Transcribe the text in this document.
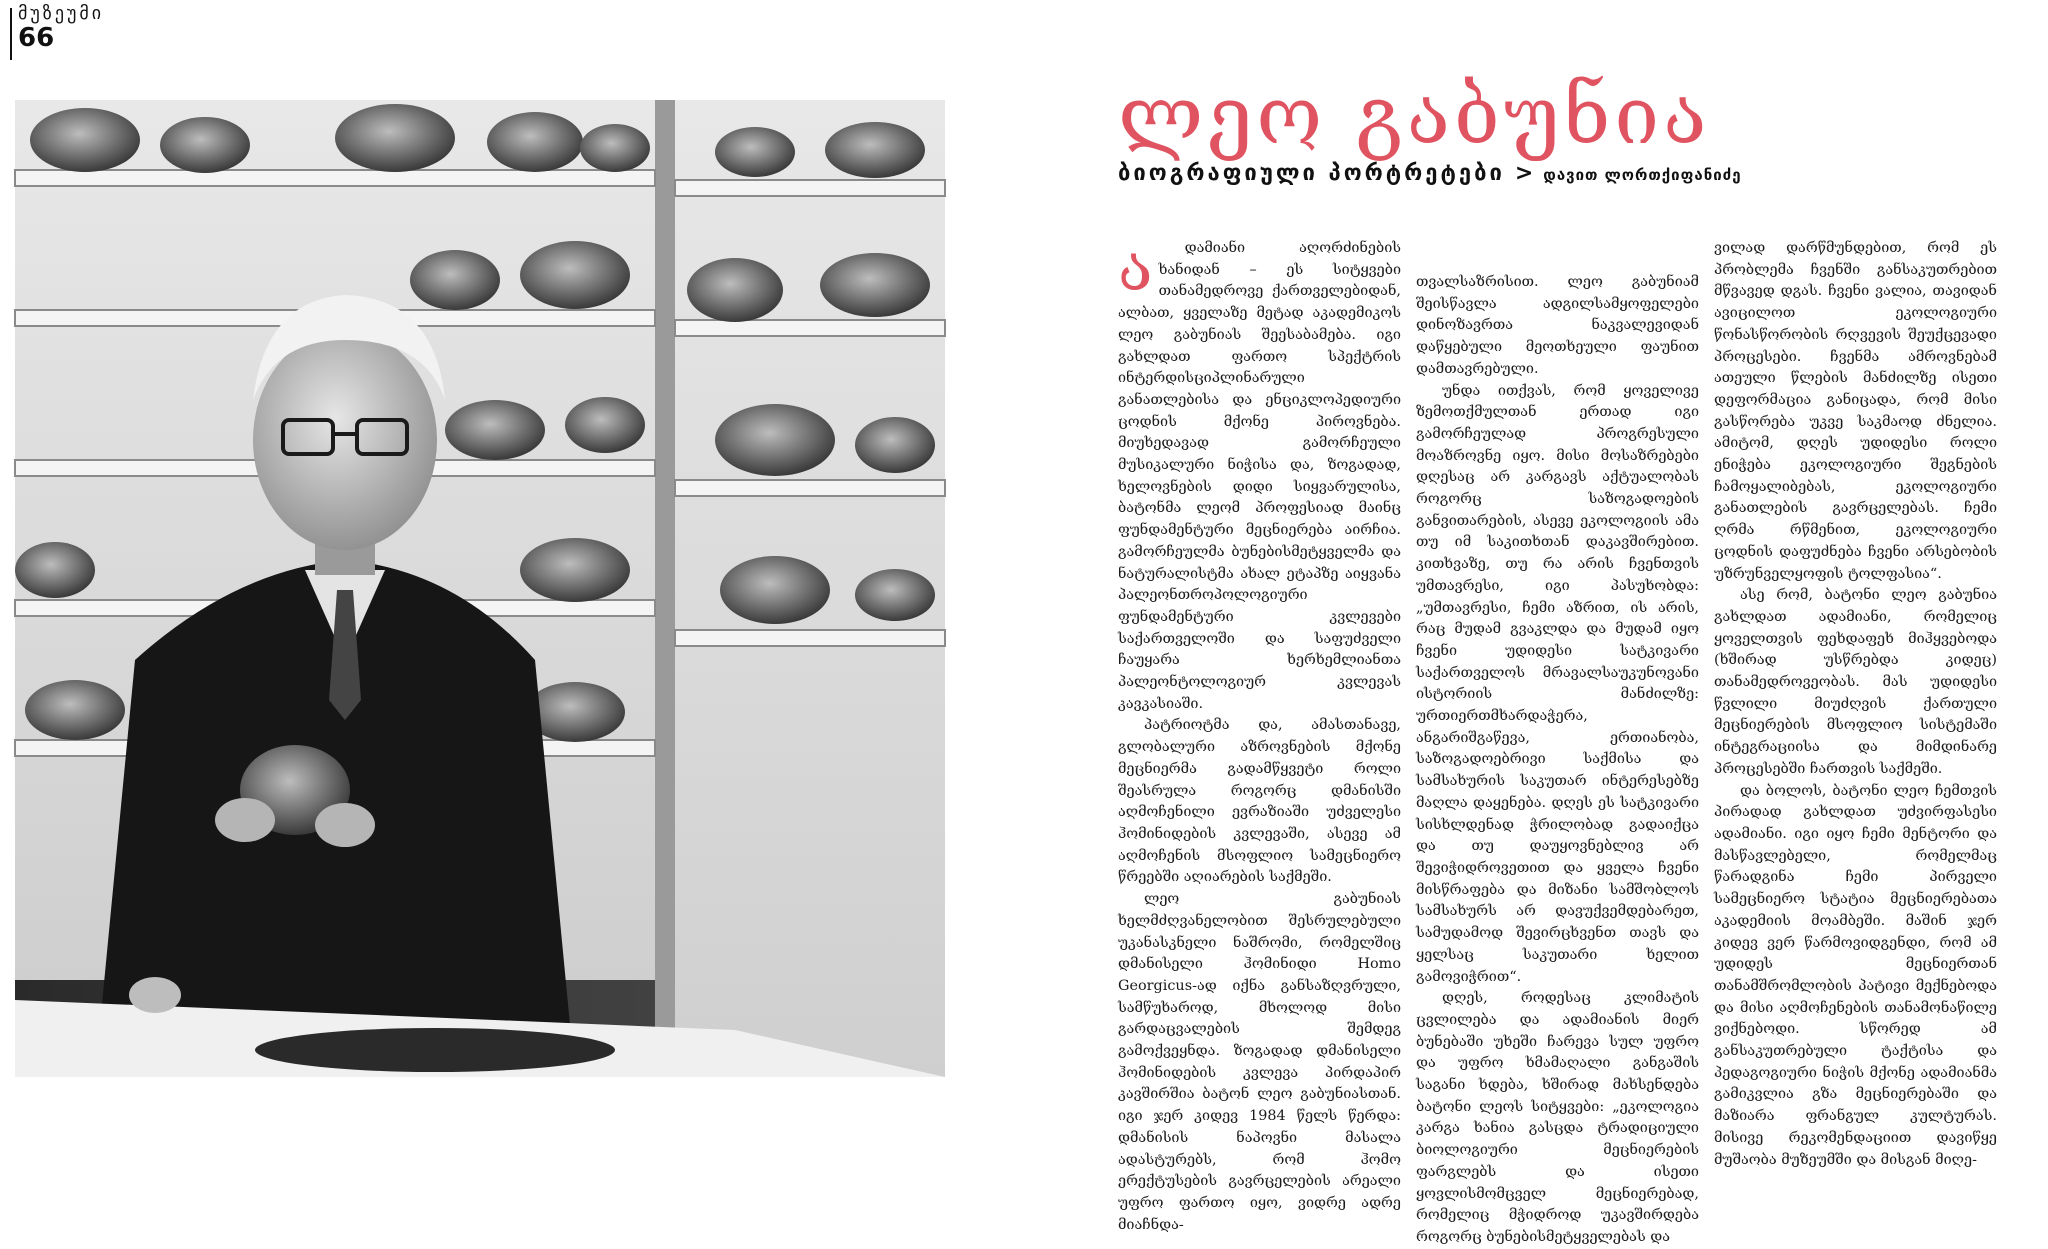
მუზეუმი
66
ლეო გაბუნია
ბიოგრაფიული პორტრეტები > დავით ლორთქიფანიძე
ა	დამიანი აღორძინების ხანიდან – ეს სიტყვები თანამედროვე ქართველებიდან, ალბათ, ყველაზე მეტად აკადემიკოს ლეო გაბუნიას შეესაბამება. იგი გახლდათ ფართო სპექტრის ინტერდისციპლინარული განათლებისა და ენციკლოპედიური ცოდნის მქონე პიროვნება. მიუხედავად გამორჩეული მუსიკალური ნიჭისა და, ზოგადად, ხელოვნების დიდი სიყვარულისა, ბატონმა ლეომ პროფესიად მაინც ფუნდამენტური მეცნიერება აირჩია. გამორჩეულმა ბუნებისმეტყველმა და ნატურალისტმა ახალ ეტაპზე აიყვანა პალეონთროპოლოგიური ფუნდამენტური კვლევები საქართველოში და საფუძველი ჩაუყარა ხერხემლიანთა პალეონტოლოგიურ კვლევას კავკასიაში.

პატრიოტმა და, ამასთანავე, გლობალური აზროვნების მქონე მეცნიერმა გადამწყვეტი როლი შეასრულა როგორც დმანისში აღმოჩენილი ევრაზიაში უძველესი ჰომინიდების კვლევაში, ასევე ამ აღმოჩენის მსოფლიო სამეცნიერო წრეებში აღიარების საქმეში.

ლეო გაბუნიას ხელმძღვანელობით შესრულებული უკანასკნელი ნაშრომი, რომელშიც დმანისელი ჰომინიდი Homo Georgicus-ად იქნა განსაზღვრული, სამწუხაროდ, მხოლოდ მისი გარდაცვალების შემდეგ გამოქვეყნდა. ზოგადად დმანისელი ჰომინიდების კვლევა პირდაპირ კავშირშია ბატონ ლეო გაბუნიასთან. იგი ჯერ კიდევ 1984 წელს წერდა: დმანისის ნაპოვნი მასალა ადასტურებს, რომ ჰომო ერექტუსების გავრცელების არეალი უფრო ფართო იყო, ვიდრე ადრე მიაჩნდა-

თვალსაზრისით. ლეო გაბუნიამ შეისწავლა ადგილსამყოფელები დინოზავრთა ნაკვალევიდან დაწყებული მეოთხეული ფაუნით დამთავრებული.

უნდა ითქვას, რომ ყოველივე ზემოთქმულთან ერთად იგი გამორჩეულად პროგრესული მოაზროვნე იყო. მისი მოსაზრებები დღესაც არ კარგავს აქტუალობას როგორც საზოგადოების განვითარების, ასევე ეკოლოგიის ამა თუ იმ საკითხთან დაკავშირებით. კითხვაზე, თუ რა არის ჩვენთვის უმთავრესი, იგი პასუხობდა: „უმთავრესი, ჩემი აზრით, ის არის, რაც მუდამ გვაკლდა და მუდამ იყო ჩვენი უდიდესი სატკივარი საქართველოს მრავალსაუკუნოვანი ისტორიის მანძილზე: ურთიერთმხარდაჭერა, ანგარიშგაწევა, ერთიანობა, საზოგადოებრივი საქმისა და სამსახურის საკუთარ ინტერესებზე მაღლა დაყენება. დღეს ეს სატკივარი სისხლდენად ჭრილობად გადაიქცა და თუ დაუყოვნებლივ არ შევიჭიდროვეთით და ყველა ჩვენი მისწრაფება და მიზანი სამშობლოს სამსახურს არ დავუქვემდებარეთ, სამუდამოდ შევირცხვენთ თავს და ყელსაც საკუთარი ხელით გამოვიჭრით“.

დღეს, როდესაც კლიმატის ცვლილება და ადამიანის მიერ ბუნებაში უხეში ჩარევა სულ უფრო და უფრო ხმამაღალი განგაშის საგანი ხდება, ხშირად მახსენდება ბატონი ლეოს სიტყვები: „ეკოლოგია კარგა ხანია გასცდა ტრადიციული ბიოლოგიური მეცნიერების ფარგლებს და ისეთი ყოვლისმომცველ მეცნიერებად, რომელიც მჭიდროდ უკავშირდება როგორც ბუნებისმეტყველებას და

ვილად დარწმუნდებით, რომ ეს პრობლემა ჩვენში განსაკუთრებით მწვავედ დგას. ჩვენი ვალია, თავიდან ავიცილოთ ეკოლოგიური წონასწორობის რღვევის შეუქცევადი პროცესები. ჩვენმა ამროვნებამ ათეული წლების მანძილზე ისეთი დეფორმაცია განიცადა, რომ მისი გასწორება უკვე საკმაოდ ძნელია. ამიტომ, დღეს უდიდესი როლი ენიჭება ეკოლოგიური შეგნების ჩამოყალიბებას, ეკოლოგიური განათლების გავრცელებას. ჩემი ღრმა რწმენით, ეკოლოგიური ცოდნის დაფუძნება ჩვენი არსებობის უზრუნველყოფის ტოლფასია“.

ასე რომ, ბატონი ლეო გაბუნია გახლდათ ადამიანი, რომელიც ყოველთვის ფეხდაფეხ მიჰყვებოდა (ხშირად უსწრებდა კიდეც) თანამედროვეობას. მას უდიდესი წვლილი მიუძღვის ქართული მეცნიერების მსოფლიო სისტემაში ინტეგრაციისა და მიმდინარე პროცესებში ჩართვის საქმეში.

და ბოლოს, ბატონი ლეო ჩემთვის პირადად გახლდათ უძვირფასესი ადამიანი. იგი იყო ჩემი მენტორი და მასწავლებელი, რომელმაც წარადგინა ჩემი პირველი სამეცნიერო სტატია მეცნიერებათა აკადემიის მოამბეში. მაშინ ჯერ კიდევ ვერ წარმოვიდგენდი, რომ ამ უდიდეს მეცნიერთან თანამშრომლობის პატივი მექნებოდა და მისი აღმოჩენების თანამონაწილე ვიქნებოდი. სწორედ ამ განსაკუთრებული ტაქტისა და პედაგოგიური ნიჭის მქონე ადამიანმა გამიკვლია გზა მეცნიერებაში და მაზიარა ფრანგულ კულტურას. მისივე რეკომენდაციით დავიწყე მუშაობა მუზეუმში და მისგან მიღე-
